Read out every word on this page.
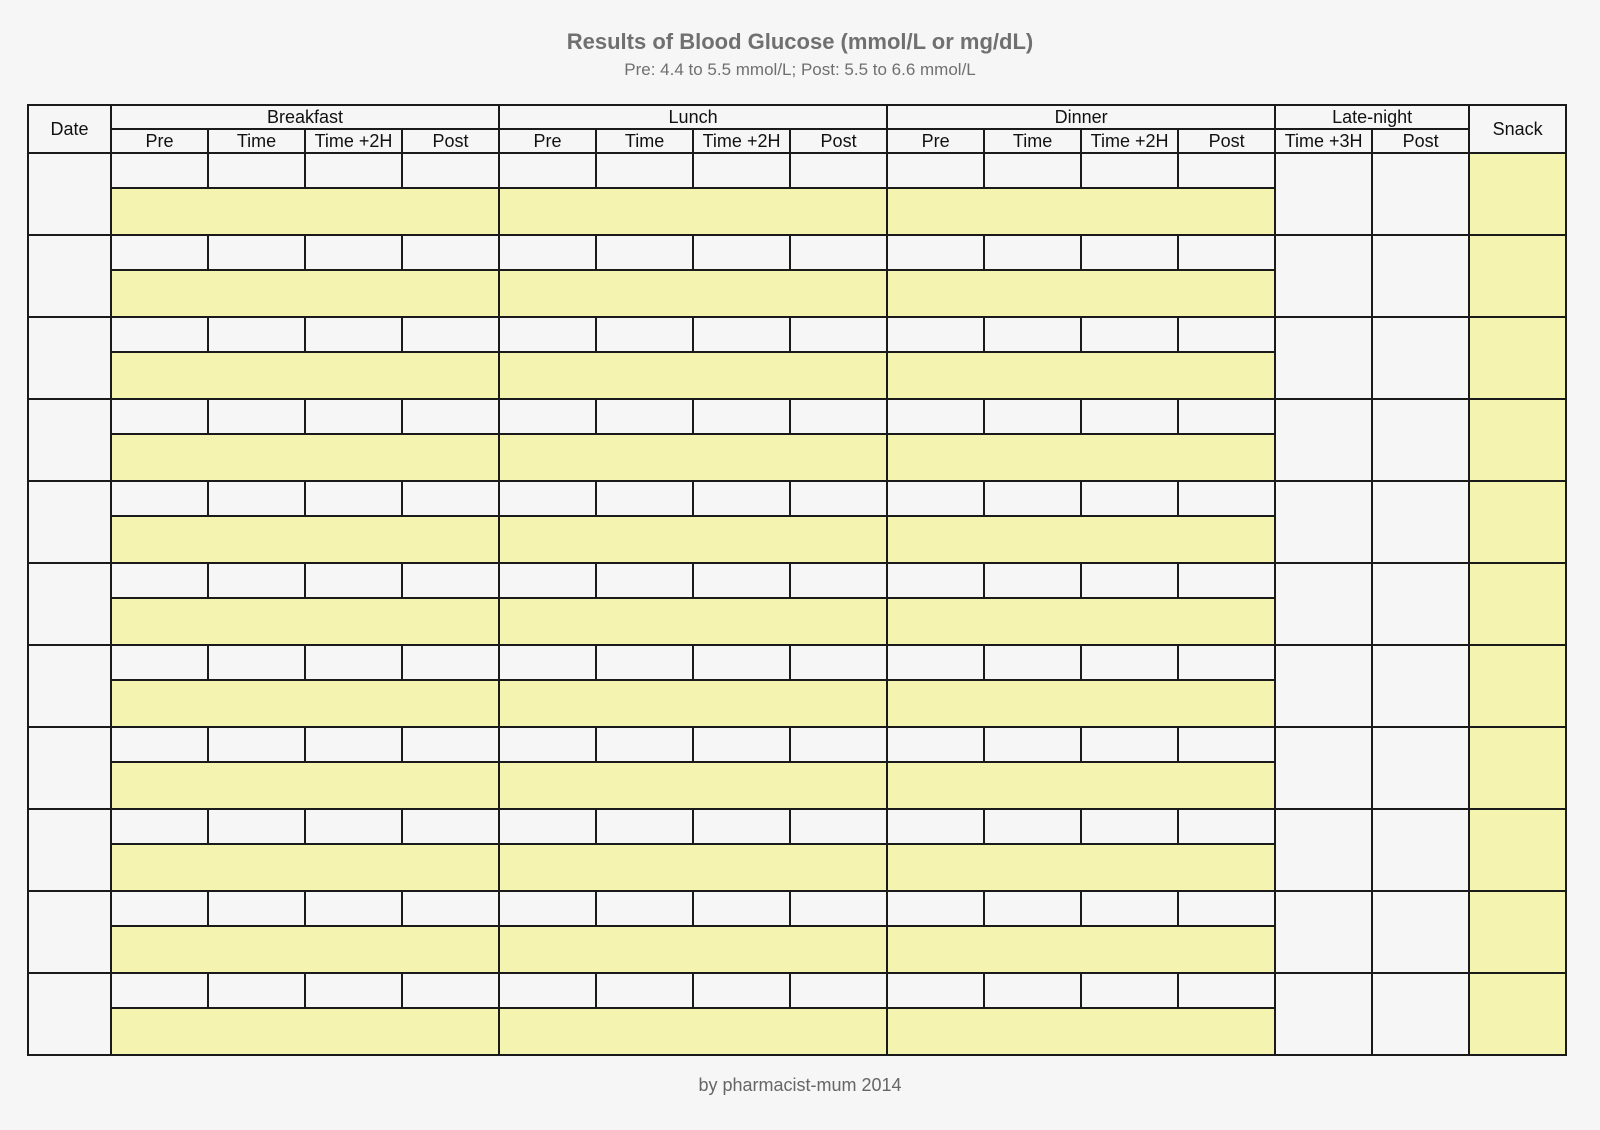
Results of Blood Glucose (mmol/L or mg/dL)
Pre: 4.4 to 5.5 mmol/L; Post: 5.5 to 6.6 mmol/L
Date	Breakfast				Lunch				Dinner				Late-night		Snack
	Pre	Time	Time +2H	Post	Pre	Time	Time +2H	Post	Pre	Time	Time +2H	Post	Time +3H	Post	

by pharmacist-mum 2014
